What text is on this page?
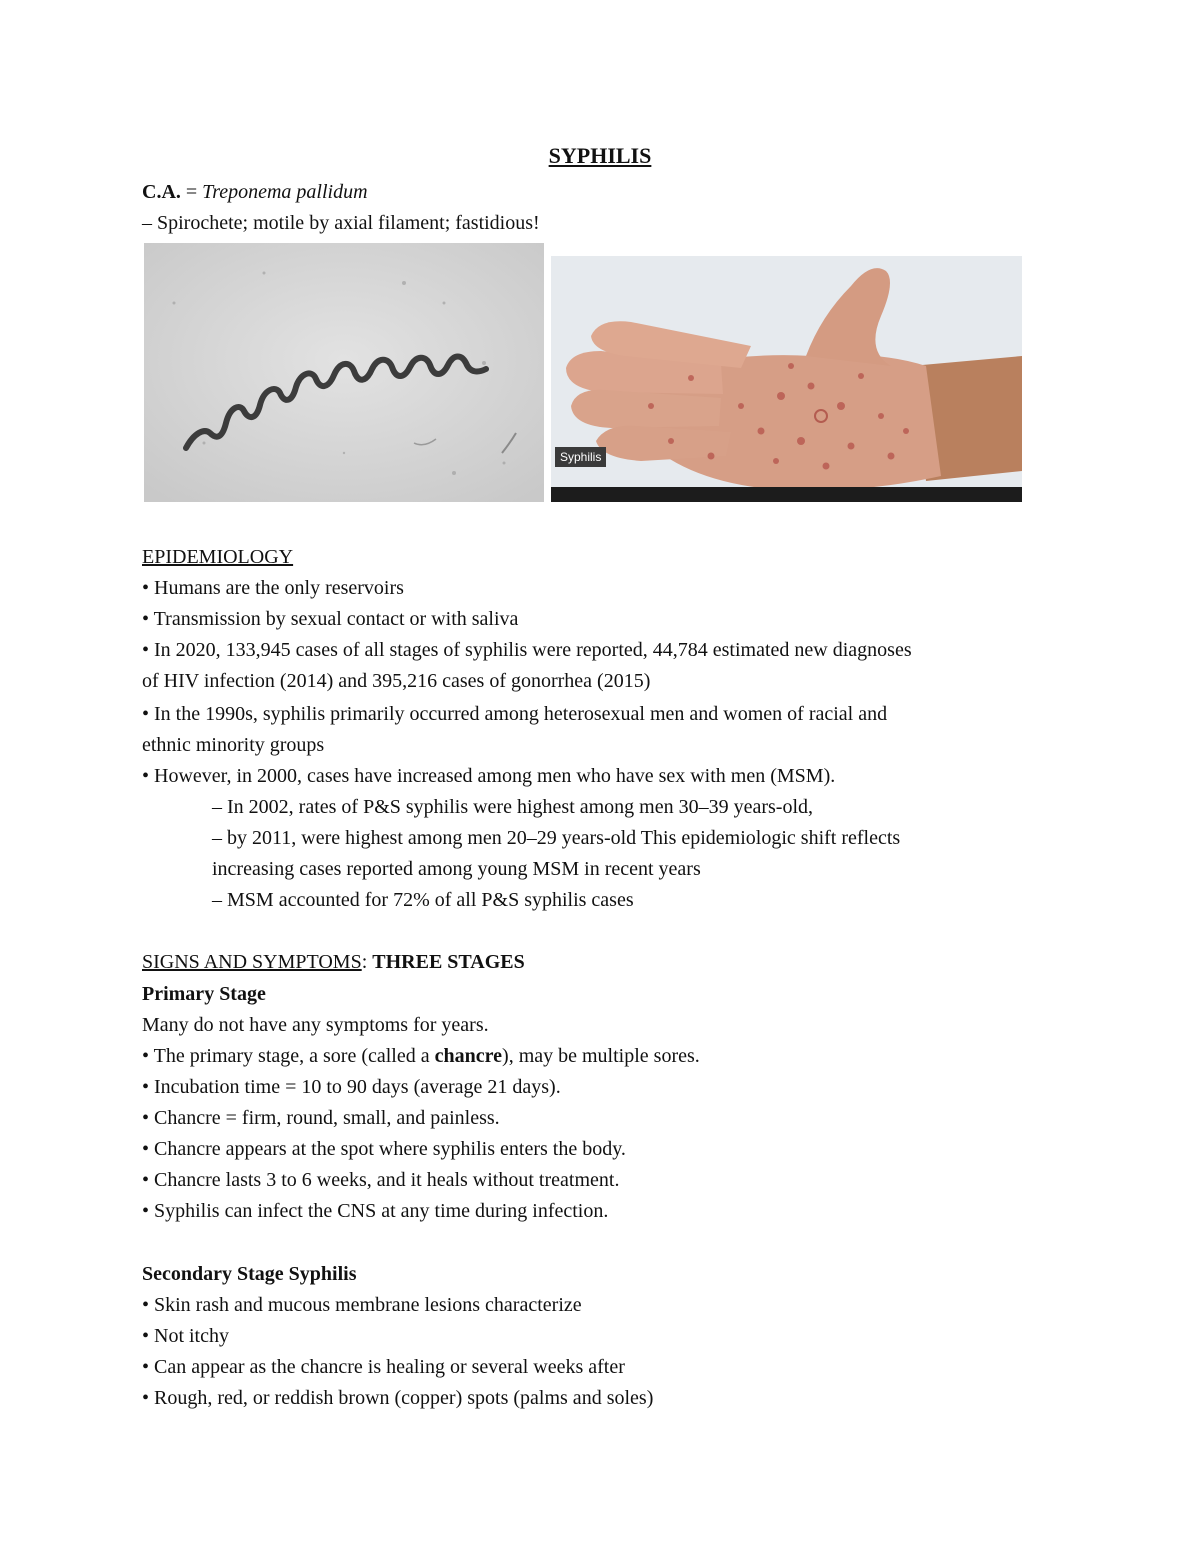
SYPHILIS
C.A. = Treponema pallidum
– Spirochete; motile by axial filament; fastidious!
Syphilis
EPIDEMIOLOGY
• Humans are the only reservoirs
• Transmission by sexual contact or with saliva
• In 2020, 133,945 cases of all stages of syphilis were reported, 44,784 estimated new diagnoses
of HIV infection (2014) and 395,216 cases of gonorrhea (2015)
• In the 1990s, syphilis primarily occurred among heterosexual men and women of racial and
ethnic minority groups
• However, in 2000, cases have increased among men who have sex with men (MSM).
– In 2002, rates of P&S syphilis were highest among men 30–39 years-old,
– by 2011, were highest among men 20–29 years-old This epidemiologic shift reflects
increasing cases reported among young MSM in recent years
– MSM accounted for 72% of all P&S syphilis cases
SIGNS AND SYMPTOMS: THREE STAGES
Primary Stage
Many do not have any symptoms for years.
• The primary stage, a sore (called a chancre), may be multiple sores.
• Incubation time = 10 to 90 days (average 21 days).
• Chancre = firm, round, small, and painless.
• Chancre appears at the spot where syphilis enters the body.
• Chancre lasts 3 to 6 weeks, and it heals without treatment.
• Syphilis can infect the CNS at any time during infection.
Secondary Stage Syphilis
• Skin rash and mucous membrane lesions characterize
• Not itchy
• Can appear as the chancre is healing or several weeks after
• Rough, red, or reddish brown (copper) spots (palms and soles)
